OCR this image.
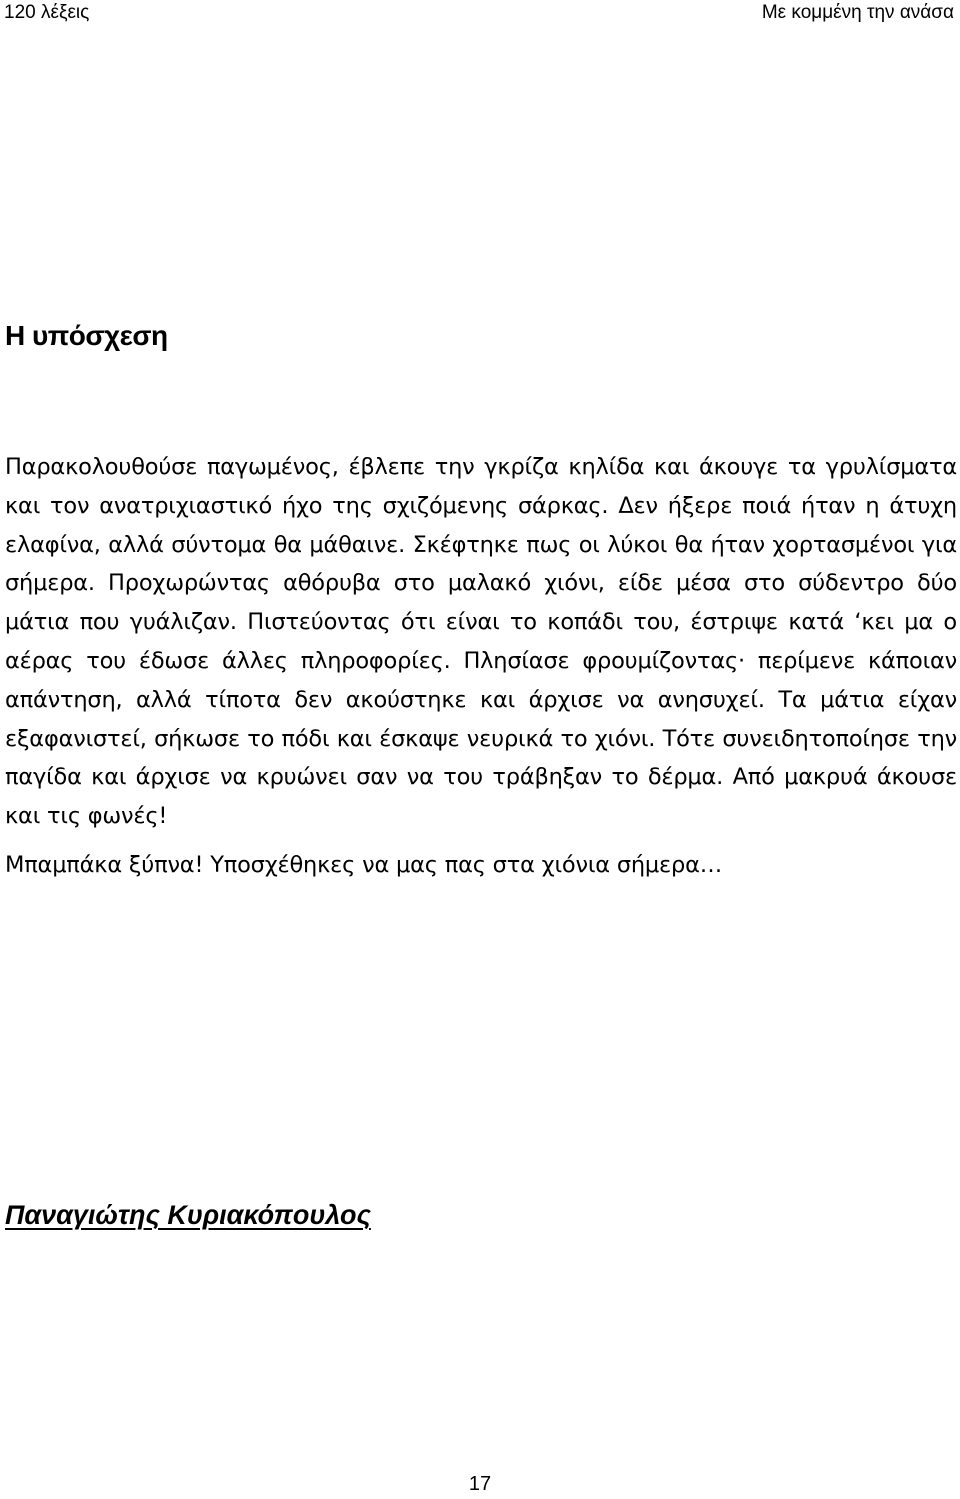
120 λέξεις	Με κομμένη την ανάσα
Η υπόσχεση

Παρακολουθούσε παγωμένος, έβλεπε την γκρίζα κηλίδα και άκουγε τα γρυλίσματα και τον ανατριχιαστικό ήχο της σχιζόμενης σάρκας. Δεν ήξερε ποιά ήταν η άτυχη ελαφίνα, αλλά σύντομα θα μάθαινε. Σκέφτηκε πως οι λύκοι θα ήταν χορτασμένοι για σήμερα. Προχωρώντας αθόρυβα στο μαλακό χιόνι, είδε μέσα στο σύδεντρο δύο μάτια που γυάλιζαν. Πιστεύοντας ότι είναι το κοπάδι του, έστριψε κατά ‘κει μα ο αέρας του έδωσε άλλες πληροφορίες. Πλησίασε φρουμίζοντας· περίμενε κάποιαν απάντηση, αλλά τίποτα δεν ακούστηκε και άρχισε να ανησυχεί. Τα μάτια είχαν εξαφανιστεί, σήκωσε το πόδι και έσκαψε νευρικά το χιόνι. Τότε συνειδητοποίησε την παγίδα και άρχισε να κρυώνει σαν να του τράβηξαν το δέρμα. Από μακρυά άκουσε και τις φωνές!

Μπαμπάκα ξύπνα! Υποσχέθηκες να μας πας στα χιόνια σήμερα…

Παναγιώτης Κυριακόπουλος

17
